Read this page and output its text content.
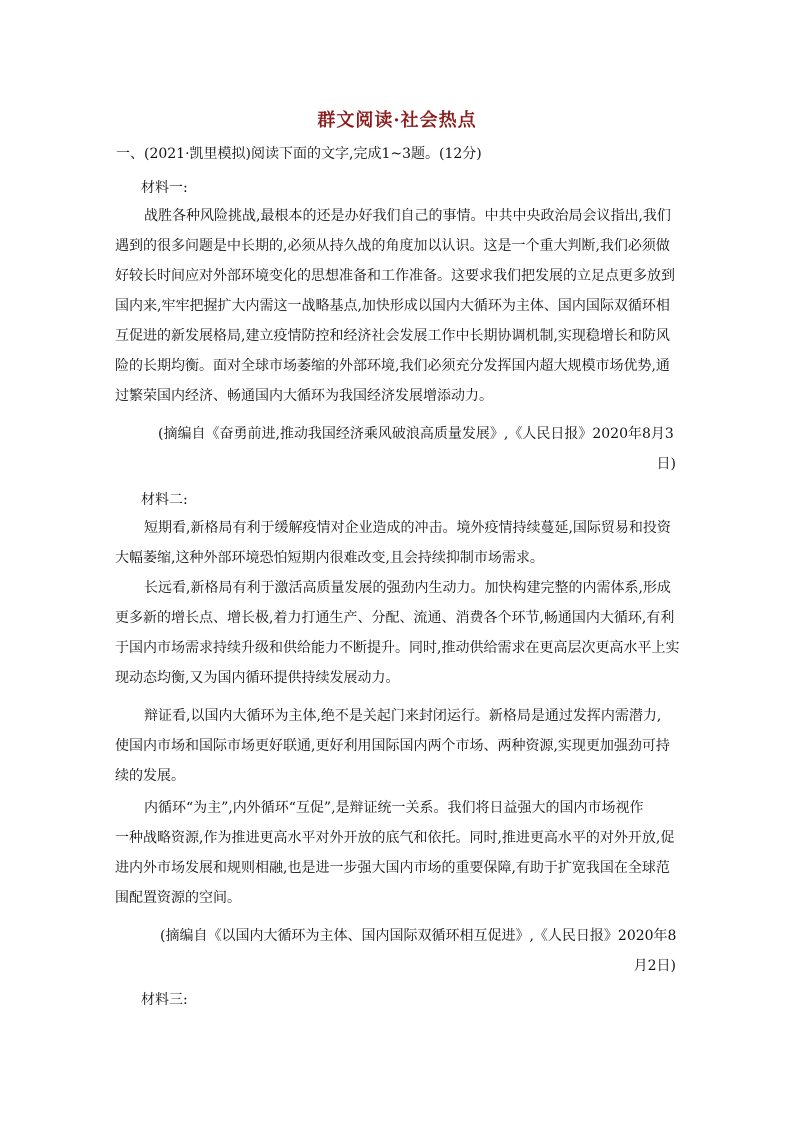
群文阅读·社会热点
一、(2021·凯里模拟)阅读下面的文字,完成1~3题。(12分)
材料一:
战胜各种风险挑战,最根本的还是办好我们自己的事情。中共中央政治局会议指出,我们
遇到的很多问题是中长期的,必须从持久战的角度加以认识。这是一个重大判断,我们必须做
好较长时间应对外部环境变化的思想准备和工作准备。这要求我们把发展的立足点更多放到
国内来,牢牢把握扩大内需这一战略基点,加快形成以国内大循环为主体、国内国际双循环相
互促进的新发展格局,建立疫情防控和经济社会发展工作中长期协调机制,实现稳增长和防风
险的长期均衡。面对全球市场萎缩的外部环境,我们必须充分发挥国内超大规模市场优势,通
过繁荣国内经济、畅通国内大循环为我国经济发展增添动力。
(摘编自《奋勇前进,推动我国经济乘风破浪高质量发展》,《人民日报》2020年8月3
日)
材料二:
短期看,新格局有利于缓解疫情对企业造成的冲击。境外疫情持续蔓延,国际贸易和投资
大幅萎缩,这种外部环境恐怕短期内很难改变,且会持续抑制市场需求。
长远看,新格局有利于激活高质量发展的强劲内生动力。加快构建完整的内需体系,形成
更多新的增长点、增长极,着力打通生产、分配、流通、消费各个环节,畅通国内大循环,有利
于国内市场需求持续升级和供给能力不断提升。同时,推动供给需求在更高层次更高水平上实
现动态均衡,又为国内循环提供持续发展动力。
辩证看,以国内大循环为主体,绝不是关起门来封闭运行。新格局是通过发挥内需潜力,
使国内市场和国际市场更好联通,更好利用国际国内两个市场、两种资源,实现更加强劲可持
续的发展。
内循环“为主”,内外循环“互促”,是辩证统一关系。我们将日益强大的国内市场视作
一种战略资源,作为推进更高水平对外开放的底气和依托。同时,推进更高水平的对外开放,促
进内外市场发展和规则相融,也是进一步强大国内市场的重要保障,有助于扩宽我国在全球范
围配置资源的空间。
(摘编自《以国内大循环为主体、国内国际双循环相互促进》,《人民日报》2020年8
月2日)
材料三:
